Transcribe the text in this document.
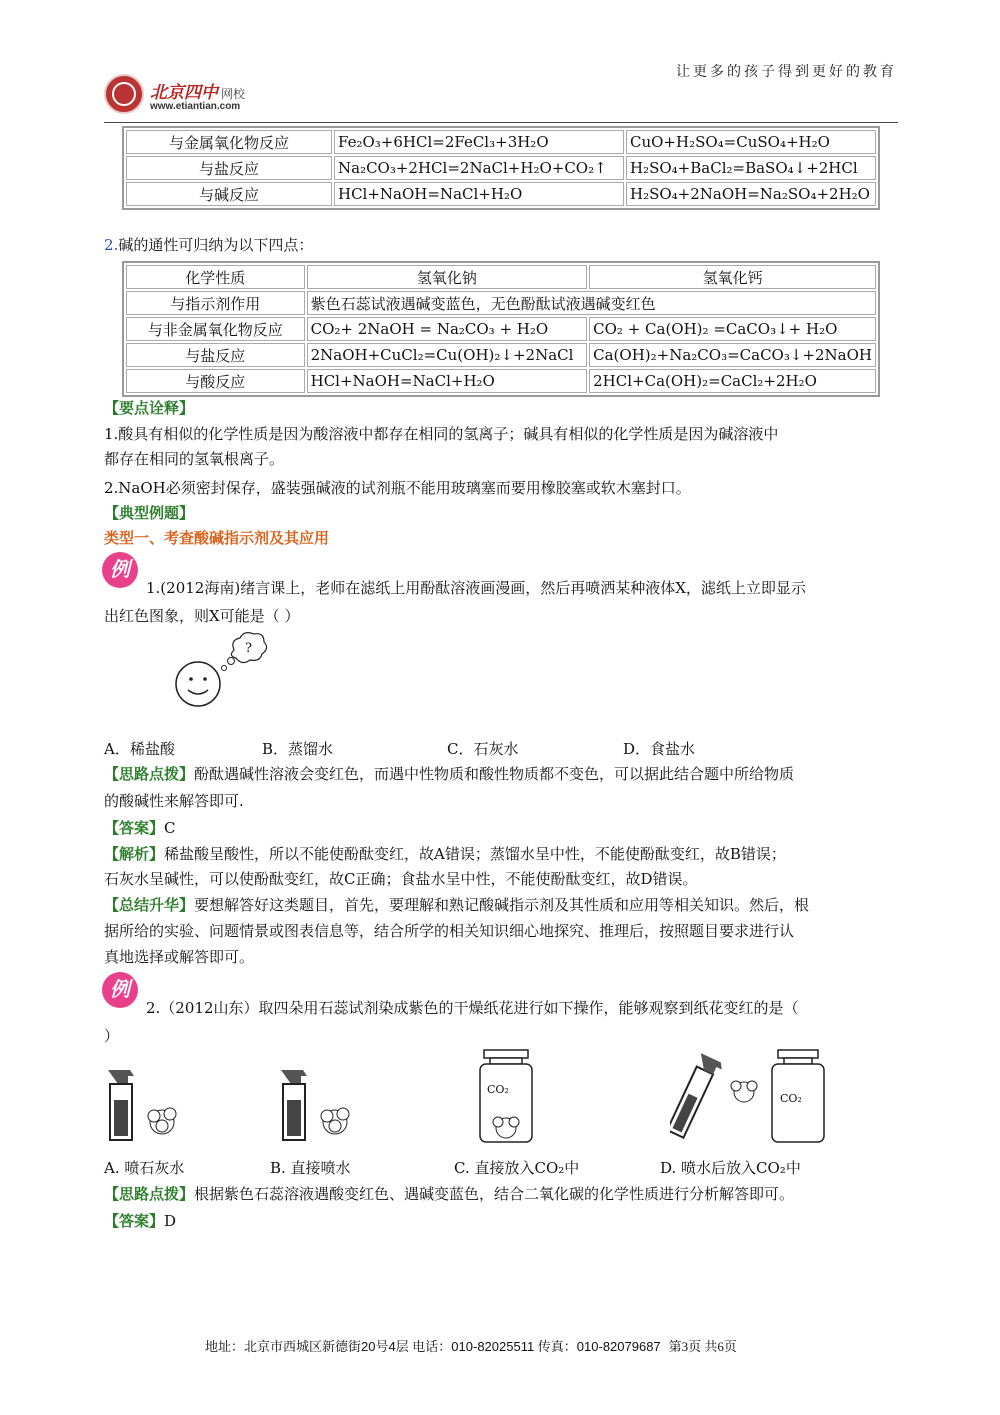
让更多的孩子得到更好的教育
北京四中 网校
www.etiantian.com
与金属氧化物反应	Fe₂O₃+6HCl=2FeCl₃+3H₂O	CuO+H₂SO₄=CuSO₄+H₂O
与盐反应	Na₂CO₃+2HCl=2NaCl+H₂O+CO₂↑	H₂SO₄+BaCl₂=BaSO₄↓+2HCl
与碱反应	HCl+NaOH=NaCl+H₂O	H₂SO₄+2NaOH=Na₂SO₄+2H₂O
2.碱的通性可归纳为以下四点：
化学性质	氢氧化钠	氢氧化钙
与指示剂作用	紫色石蕊试液遇碱变蓝色，无色酚酞试液遇碱变红色	
与非金属氧化物反应	CO₂+ 2NaOH = Na₂CO₃ + H₂O	CO₂ + Ca(OH)₂ =CaCO₃↓+ H₂O
与盐反应	2NaOH+CuCl₂=Cu(OH)₂↓+2NaCl	Ca(OH)₂+Na₂CO₃=CaCO₃↓+2NaOH
与酸反应	HCl+NaOH=NaCl+H₂O	2HCl+Ca(OH)₂=CaCl₂+2H₂O
【要点诠释】
1.酸具有相似的化学性质是因为酸溶液中都存在相同的氢离子；碱具有相似的化学性质是因为碱溶液中
都存在相同的氢氧根离子。
2.NaOH必须密封保存，盛装强碱液的试剂瓶不能用玻璃塞而要用橡胶塞或软木塞封口。
【典型例题】
类型一、考查酸碱指示剂及其应用
例
1.(2012海南)绪言课上，老师在滤纸上用酚酞溶液画漫画，然后再喷洒某种液体X，滤纸上立即显示
出红色图象，则X可能是（ ）
?
A．稀盐酸	B．蒸馏水	C．石灰水	D．食盐水
【思路点拨】酚酞遇碱性溶液会变红色，而遇中性物质和酸性物质都不变色，可以据此结合题中所给物质
的酸碱性来解答即可.
【答案】C
【解析】稀盐酸呈酸性，所以不能使酚酞变红，故A错误；蒸馏水呈中性，不能使酚酞变红，故B错误；
石灰水呈碱性，可以使酚酞变红，故C正确；食盐水呈中性，不能使酚酞变红，故D错误。
【总结升华】要想解答好这类题目，首先，要理解和熟记酸碱指示剂及其性质和应用等相关知识。然后，根
据所给的实验、问题情景或图表信息等，结合所学的相关知识细心地探究、推理后，按照题目要求进行认
真地选择或解答即可。
例
2.（2012山东）取四朵用石蕊试剂染成紫色的干燥纸花进行如下操作，能够观察到纸花变红的是（
）
CO₂
CO₂
A. 喷石灰水	B. 直接喷水	C. 直接放入CO₂中	D. 喷水后放入CO₂中
【思路点拨】根据紫色石蕊溶液遇酸变红色、遇碱变蓝色，结合二氧化碳的化学性质进行分析解答即可。
【答案】D
地址：北京市西城区新德街20号4层 电话：010-82025511 传真：010-82079687 第3页 共6页
